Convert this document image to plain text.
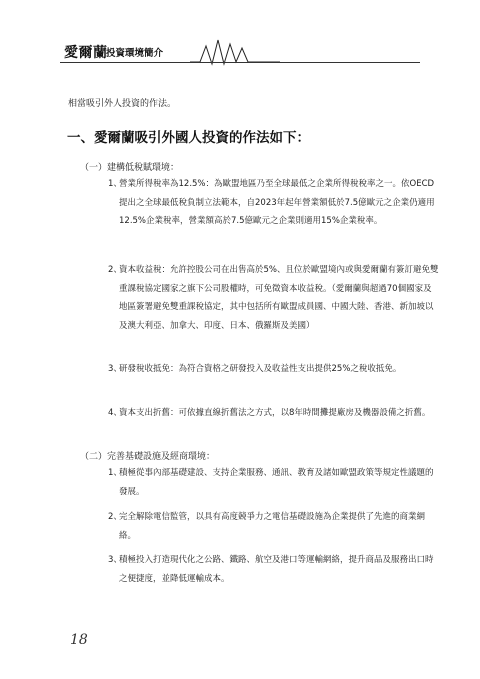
愛爾蘭
投資環境簡介
相當吸引外人投資的作法。
一、愛爾蘭吸引外國人投資的作法如下：
（一）建構低稅賦環境：
1、
營業所得稅率為12.5%：為歐盟地區乃至全球最低之企業所得稅稅率之一。依OECD提出之全球最低稅負制立法範本，自2023年起年營業額低於7.5億歐元之企業仍適用12.5%企業稅率，營業額高於7.5億歐元之企業則適用15%企業稅率。
2、
資本收益稅：允許控股公司在出售高於5%、且位於歐盟境內或與愛爾蘭有簽訂避免雙重課稅協定國家之旗下公司股權時，可免徵資本收益稅。（愛爾蘭與超過70個國家及地區簽署避免雙重課稅協定，其中包括所有歐盟成員國、中國大陸、香港、新加坡以及澳大利亞、加拿大、印度、日本、俄羅斯及美國）
3、
研發稅收抵免：為符合資格之研發投入及收益性支出提供25%之稅收抵免。
4、
資本支出折舊：可依據直線折舊法之方式，以8年時間攤提廠房及機器設備之折舊。
（二）完善基礎設施及經商環境：
1、
積極從事內部基礎建設、支持企業服務、通訊、教育及諸如歐盟政策等規定性議題的發展。
2、
完全解除電信監管，以具有高度競爭力之電信基礎設施為企業提供了先進的商業網絡。
3、
積極投入打造現代化之公路、鐵路、航空及港口等運輸網絡，提升商品及服務出口時之便捷度，並降低運輸成本。
18
